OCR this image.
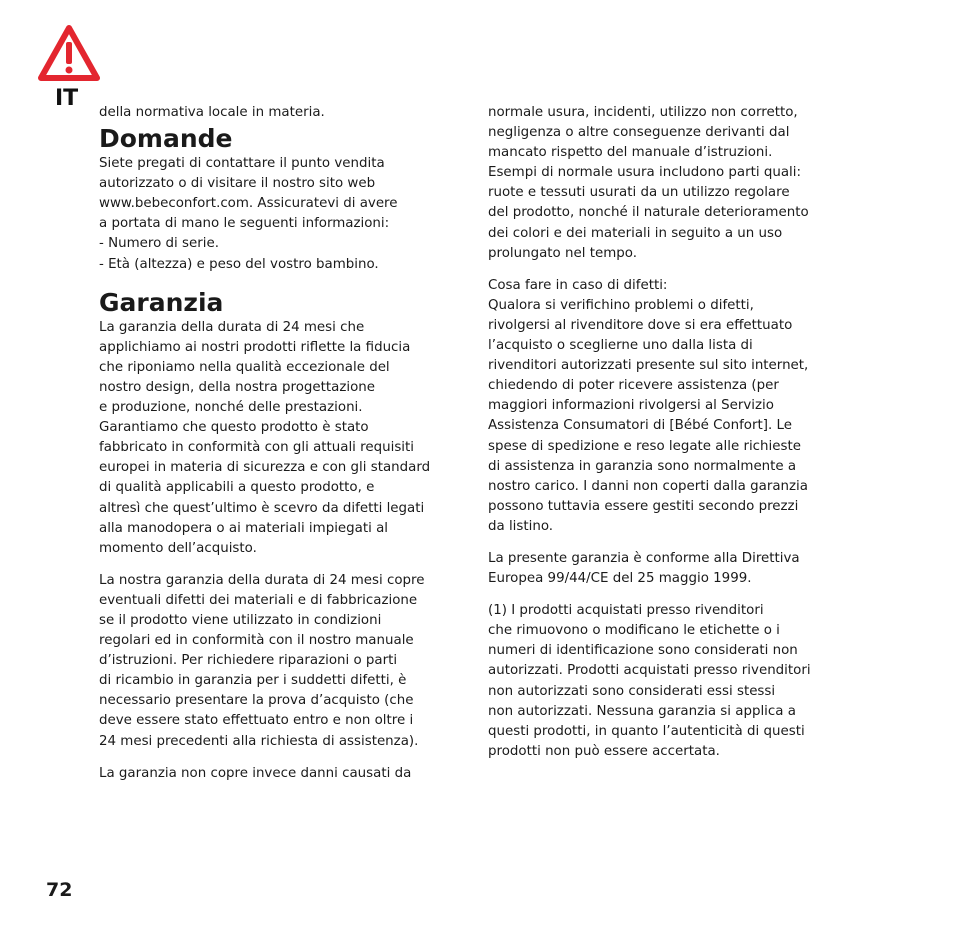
IT
della normativa locale in materia.
Domande
Siete pregati di contattare il punto vendita
autorizzato o di visitare il nostro sito web
www.bebeconfort.com. Assicuratevi di avere
a portata di mano le seguenti informazioni:
- Numero di serie.
- Età (altezza) e peso del vostro bambino.
Garanzia
La garanzia della durata di 24 mesi che
applichiamo ai nostri prodotti riflette la fiducia
che riponiamo nella qualità eccezionale del
nostro design, della nostra progettazione
e produzione, nonché delle prestazioni.
Garantiamo che questo prodotto è stato
fabbricato in conformità con gli attuali requisiti
europei in materia di sicurezza e con gli standard
di qualità applicabili a questo prodotto, e
altresì che quest’ultimo è scevro da difetti legati
alla manodopera o ai materiali impiegati al
momento dell’acquisto.
La nostra garanzia della durata di 24 mesi copre
eventuali difetti dei materiali e di fabbricazione
se il prodotto viene utilizzato in condizioni
regolari ed in conformità con il nostro manuale
d’istruzioni. Per richiedere riparazioni o parti
di ricambio in garanzia per i suddetti difetti, è
necessario presentare la prova d’acquisto (che
deve essere stato effettuato entro e non oltre i
24 mesi precedenti alla richiesta di assistenza).
La garanzia non copre invece danni causati da
normale usura, incidenti, utilizzo non corretto,
negligenza o altre conseguenze derivanti dal
mancato rispetto del manuale d’istruzioni.
Esempi di normale usura includono parti quali:
ruote e tessuti usurati da un utilizzo regolare
del prodotto, nonché il naturale deterioramento
dei colori e dei materiali in seguito a un uso
prolungato nel tempo.
Cosa fare in caso di difetti:
Qualora si verifichino problemi o difetti,
rivolgersi al rivenditore dove si era effettuato
l’acquisto o sceglierne uno dalla lista di
rivenditori autorizzati presente sul sito internet,
chiedendo di poter ricevere assistenza (per
maggiori informazioni rivolgersi al Servizio
Assistenza Consumatori di [Bébé Confort]. Le
spese di spedizione e reso legate alle richieste
di assistenza in garanzia sono normalmente a
nostro carico. I danni non coperti dalla garanzia
possono tuttavia essere gestiti secondo prezzi
da listino.
La presente garanzia è conforme alla Direttiva
Europea 99/44/CE del 25 maggio 1999.
(1) I prodotti acquistati presso rivenditori
che rimuovono o modificano le etichette o i
numeri di identificazione sono considerati non
autorizzati. Prodotti acquistati presso rivenditori
non autorizzati sono considerati essi stessi
non autorizzati. Nessuna garanzia si applica a
questi prodotti, in quanto l’autenticità di questi
prodotti non può essere accertata.
72
